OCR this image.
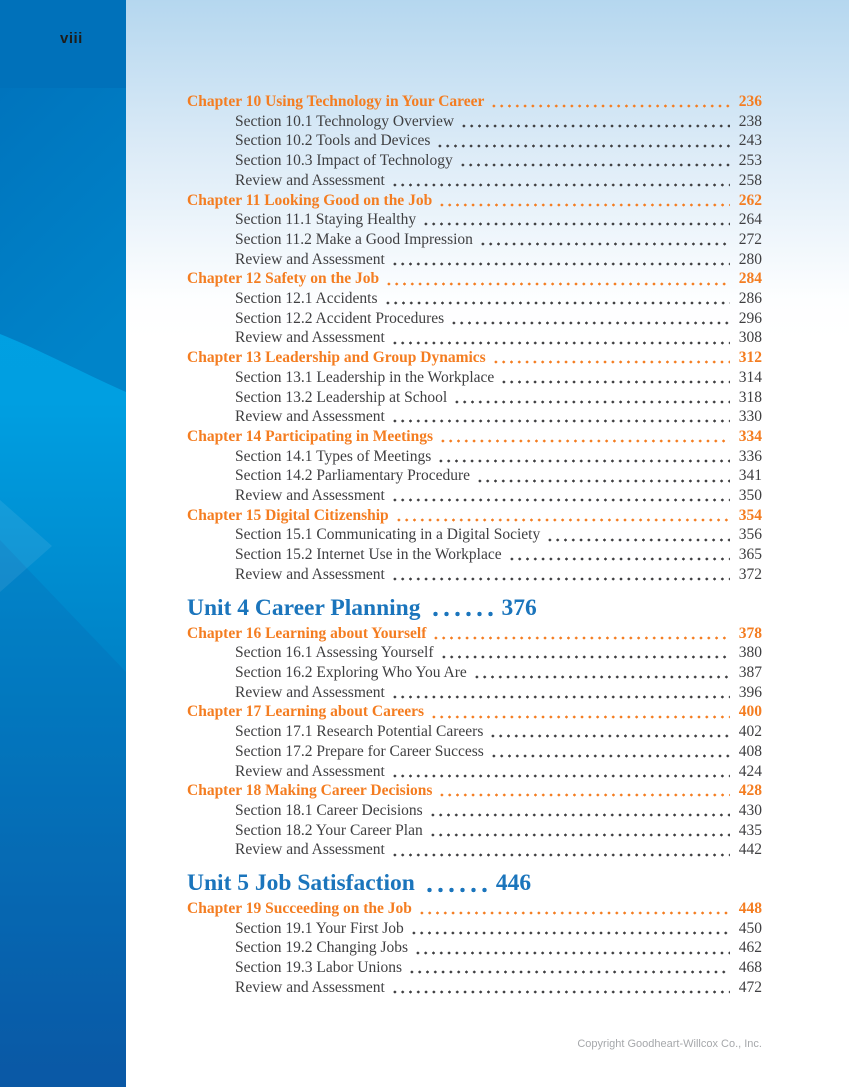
viii
Chapter 10 Using Technology in Your Career	236
Section 10.1 Technology Overview	238
Section 10.2 Tools and Devices	243
Section 10.3 Impact of Technology	253
Review and Assessment	258
Chapter 11 Looking Good on the Job	262
Section 11.1 Staying Healthy	264
Section 11.2 Make a Good Impression	272
Review and Assessment	280
Chapter 12 Safety on the Job	284
Section 12.1 Accidents	286
Section 12.2 Accident Procedures	296
Review and Assessment	308
Chapter 13 Leadership and Group Dynamics	312
Section 13.1 Leadership in the Workplace	314
Section 13.2 Leadership at School	318
Review and Assessment	330
Chapter 14 Participating in Meetings	334
Section 14.1 Types of Meetings	336
Section 14.2 Parliamentary Procedure	341
Review and Assessment	350
Chapter 15 Digital Citizenship	354
Section 15.1 Communicating in a Digital Society	356
Section 15.2 Internet Use in the Workplace	365
Review and Assessment	372
Unit 4 Career Planning	376
Chapter 16 Learning about Yourself	378
Section 16.1 Assessing Yourself	380
Section 16.2 Exploring Who You Are	387
Review and Assessment	396
Chapter 17 Learning about Careers	400
Section 17.1 Research Potential Careers	402
Section 17.2 Prepare for Career Success	408
Review and Assessment	424
Chapter 18 Making Career Decisions	428
Section 18.1 Career Decisions	430
Section 18.2 Your Career Plan	435
Review and Assessment	442
Unit 5 Job Satisfaction	446
Chapter 19 Succeeding on the Job	448
Section 19.1 Your First Job	450
Section 19.2 Changing Jobs	462
Section 19.3 Labor Unions	468
Review and Assessment	472
Copyright Goodheart-Willcox Co., Inc.
